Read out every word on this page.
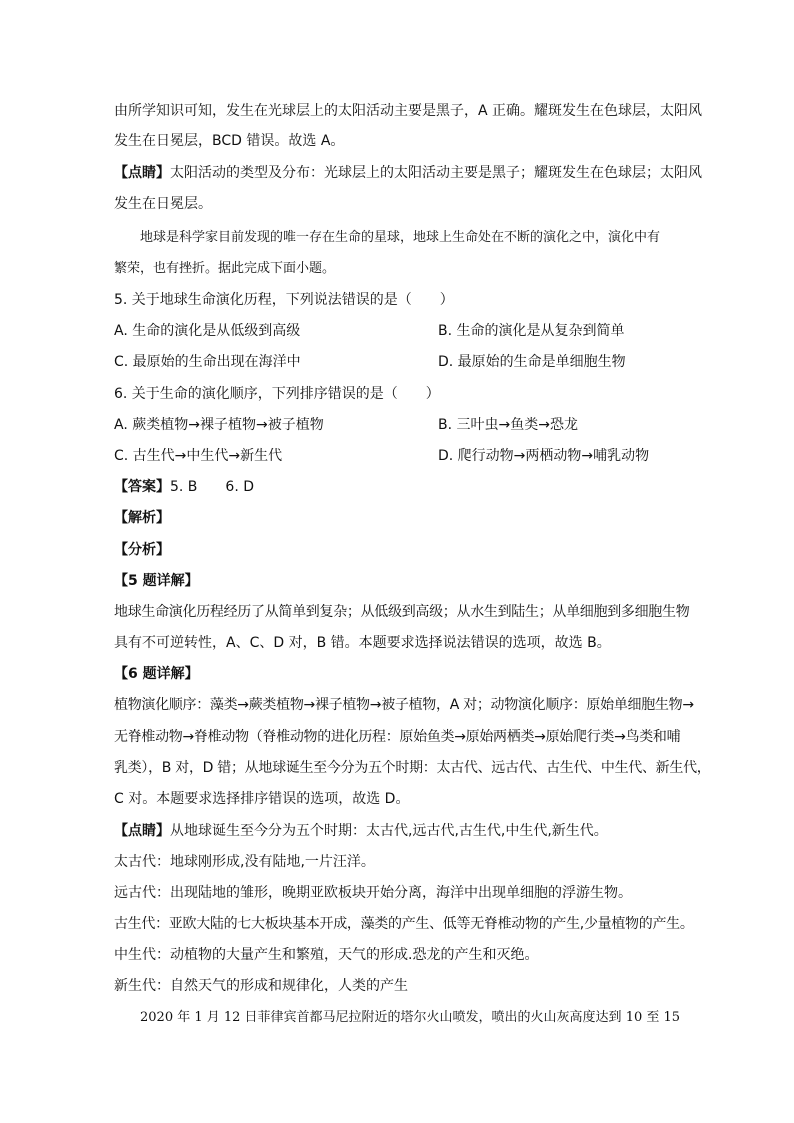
由所学知识可知，发生在光球层上的太阳活动主要是黑子，A 正确。耀斑发生在色球层，太阳风
发生在日冕层，BCD 错误。故选 A。
【点睛】太阳活动的类型及分布：光球层上的太阳活动主要是黑子；耀斑发生在色球层；太阳风
发生在日冕层。
地球是科学家目前发现的唯一存在生命的星球，地球上生命处在不断的演化之中，演化中有
繁荣，也有挫折。据此完成下面小题。
5. 关于地球生命演化历程，下列说法错误的是（　　）
A. 生命的演化是从低级到高级	B. 生命的演化是从复杂到简单
C. 最原始的生命出现在海洋中	D. 最原始的生命是单细胞生物
6. 关于生命的演化顺序，下列排序错误的是（　　）
A. 蕨类植物→裸子植物→被子植物	B. 三叶虫→鱼类→恐龙
C. 古生代→中生代→新生代	D. 爬行动物→两栖动物→哺乳动物
【答案】5. B　　6. D
【解析】
【分析】
【5 题详解】
地球生命演化历程经历了从简单到复杂；从低级到高级；从水生到陆生；从单细胞到多细胞生物
具有不可逆转性，A、C、D 对，B 错。本题要求选择说法错误的选项，故选 B。
【6 题详解】
植物演化顺序：藻类→蕨类植物→裸子植物→被子植物，A 对；动物演化顺序：原始单细胞生物→
无脊椎动物→脊椎动物（脊椎动物的进化历程：原始鱼类→原始两栖类→原始爬行类→鸟类和哺
乳类），B 对，D 错；从地球诞生至今分为五个时期：太古代、远古代、古生代、中生代、新生代，
C 对。本题要求选择排序错误的选项，故选 D。
【点睛】从地球诞生至今分为五个时期：太古代,远古代,古生代,中生代,新生代。
太古代：地球刚形成,没有陆地,一片汪洋。
远古代：出现陆地的雏形，晚期亚欧板块开始分离，海洋中出现单细胞的浮游生物。
古生代：亚欧大陆的七大板块基本开成，藻类的产生、低等无脊椎动物的产生,少量植物的产生。
中生代：动植物的大量产生和繁殖，天气的形成.恐龙的产生和灭绝。
新生代：自然天气的形成和规律化，人类的产生
2020 年 1 月 12 日菲律宾首都马尼拉附近的塔尔火山喷发，喷出的火山灰高度达到 10 至 15
